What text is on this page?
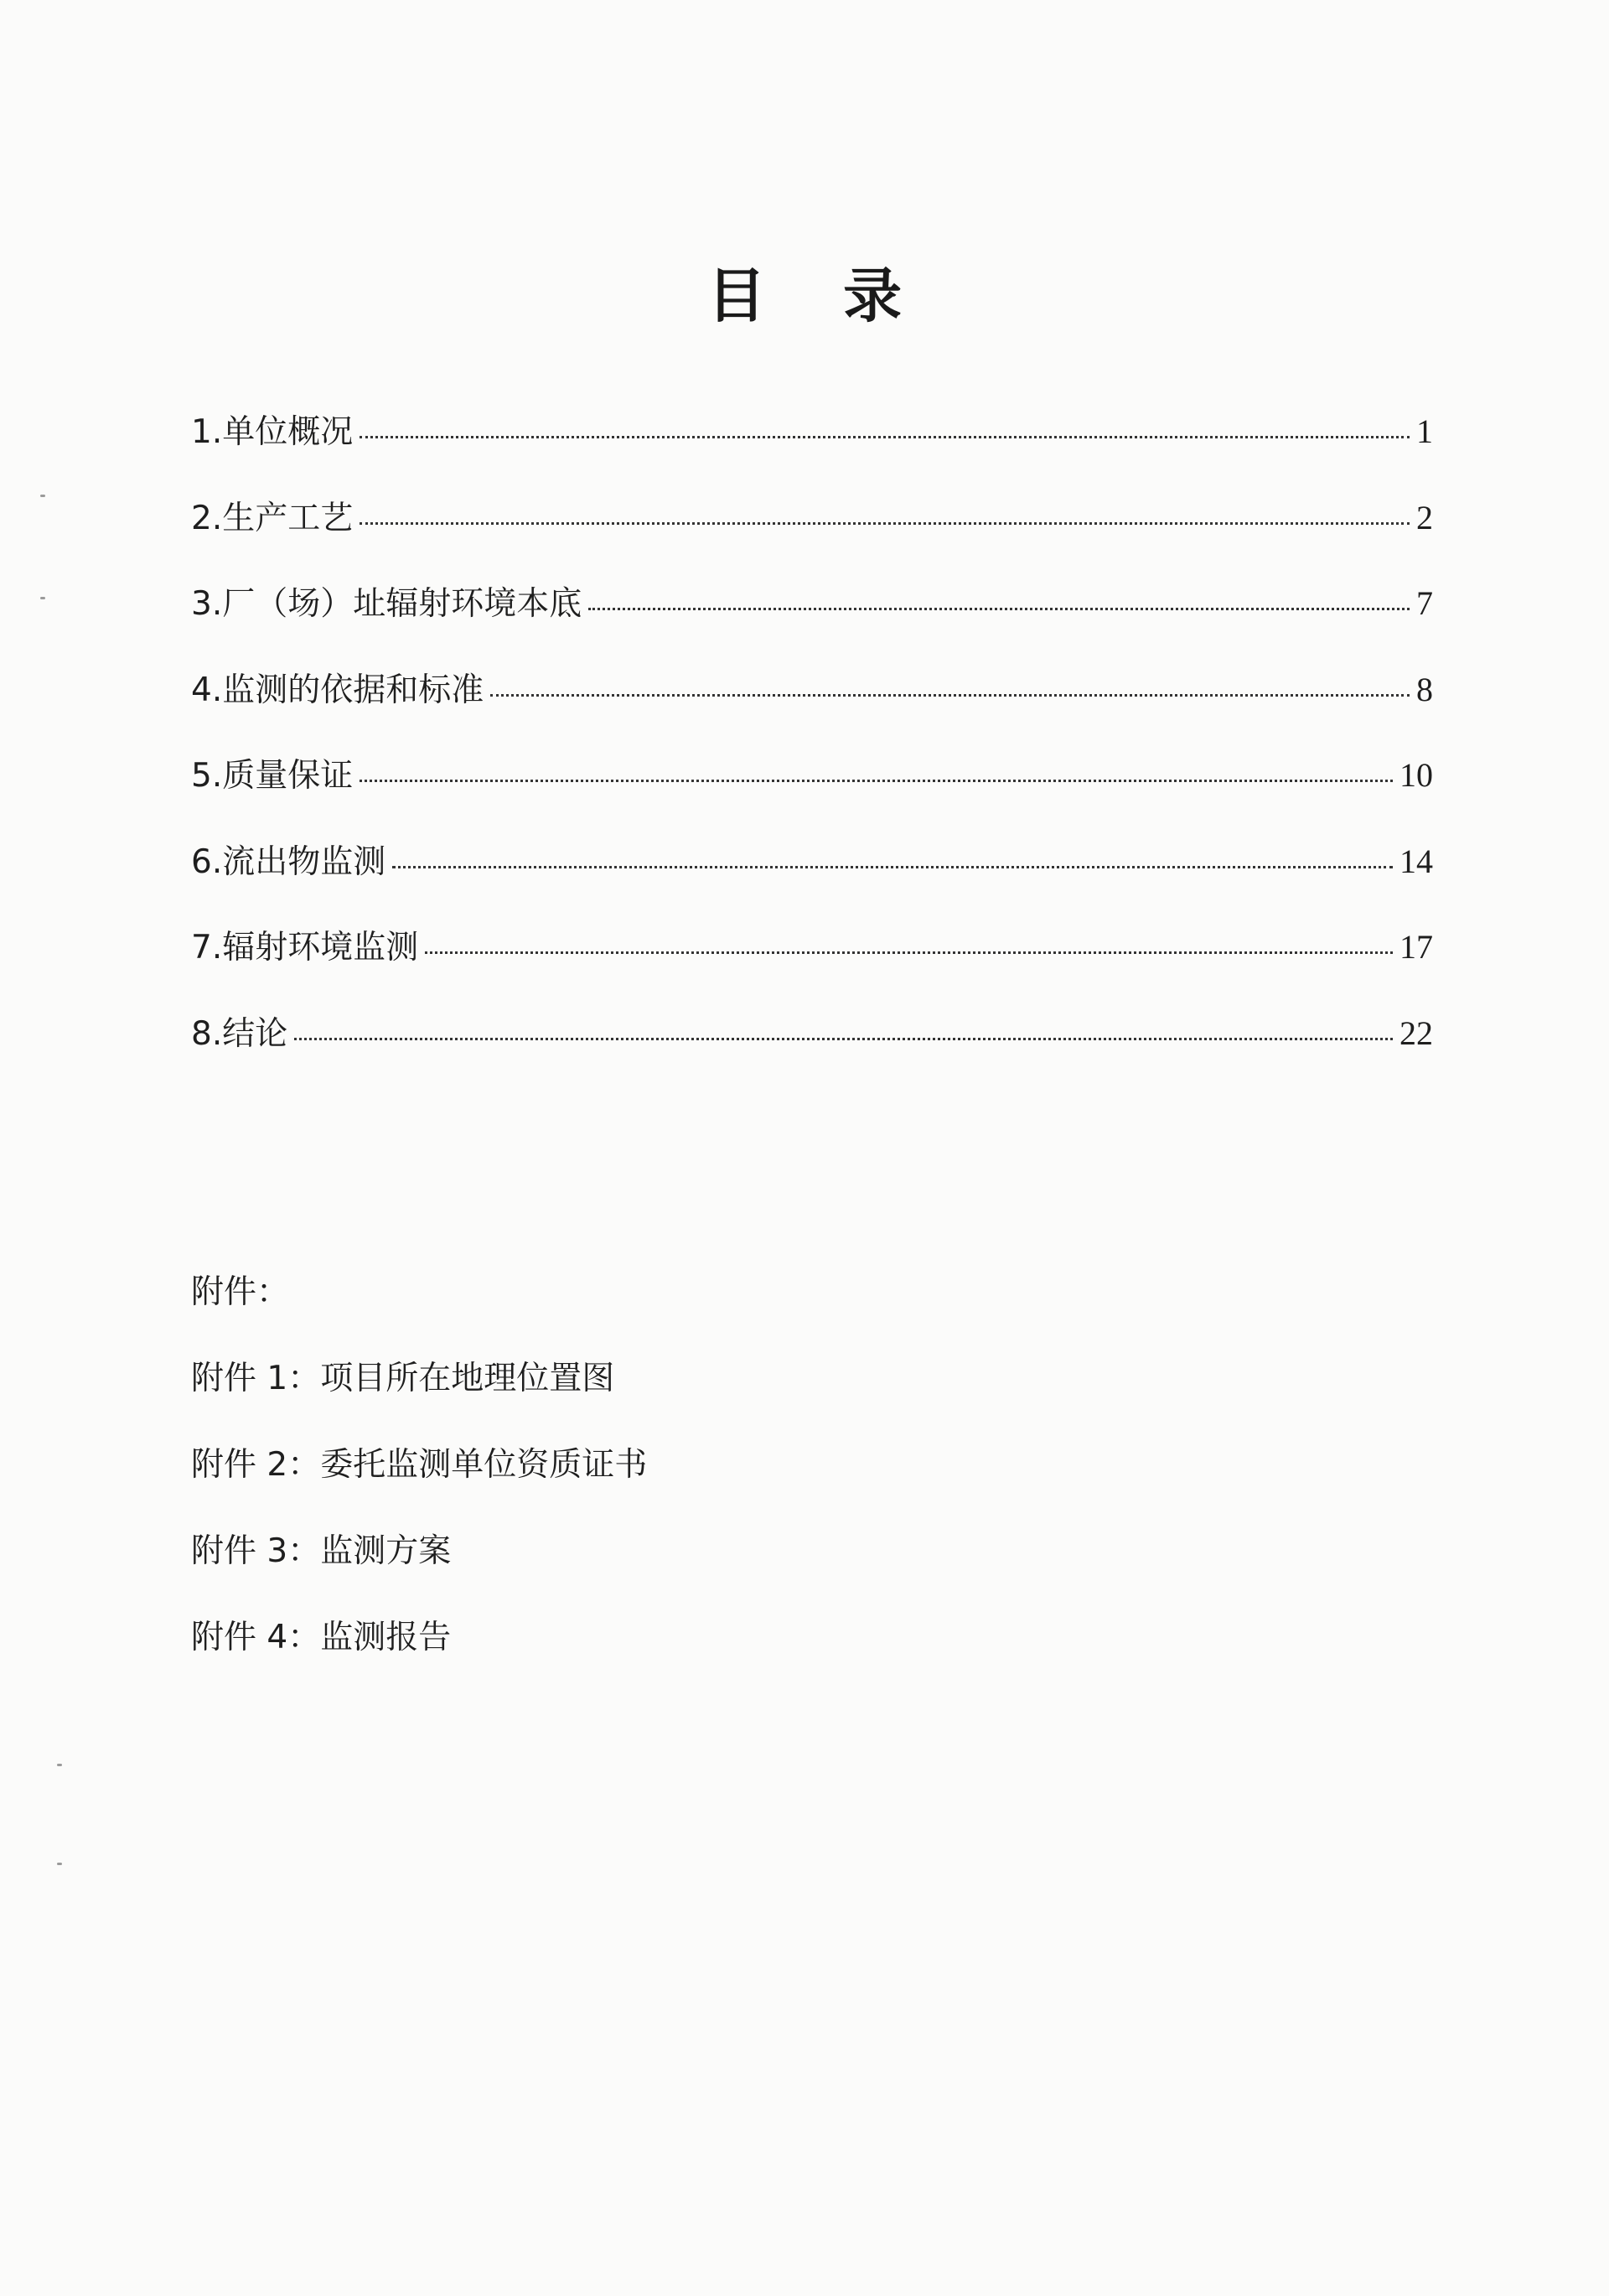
目 录
1.单位概况	1
2.生产工艺	2
3.厂（场）址辐射环境本底	7
4.监测的依据和标准	8
5.质量保证	10
6.流出物监测	14
7.辐射环境监测	17
8.结论	22
附件：
附件 1：项目所在地理位置图
附件 2：委托监测单位资质证书
附件 3：监测方案
附件 4：监测报告
